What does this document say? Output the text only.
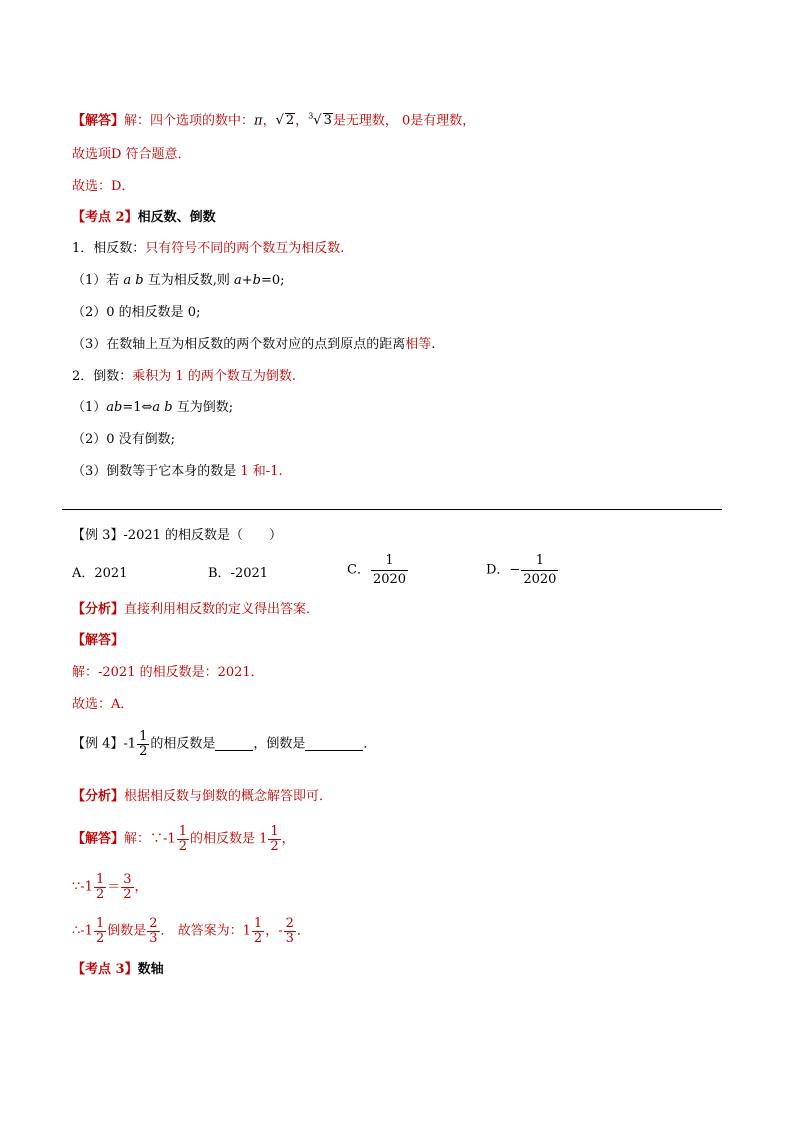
【解答】解：四个选项的数中：π，√ 2，$^3$√ 3是无理数， 0是有理数，
故选项D 符合题意．
故选：D．
【考点 2】相反数、倒数
1．相反数：只有符号不同的两个数互为相反数.
（1）若 a b 互为相反数,则 a+b=0;
（2）0 的相反数是 0;
（3）在数轴上互为相反数的两个数对应的点到原点的距离相等.
2．倒数：乘积为 1 的两个数互为倒数.
（1）ab=1⇔a b 互为倒数;
（2）0 没有倒数;
（3）倒数等于它本身的数是 1 和-1.
【例 3】-2021 的相反数是（　　）
A．2021	B．-2021	C． $\frac{1}{2020}$	D．− $\frac{1}{2020}$
【分析】直接利用相反数的定义得出答案．
【解答】
解：-2021 的相反数是：2021．
故选：A．
【例 4】$-1 \frac{1}{2}$ 的相反数是	，倒数是	．
【分析】根据相反数与倒数的概念解答即可．
【解答】解：∵-1 $\frac{1}{2}$ 的相反数是 $1 \frac{1}{2}$ ，
∵-1 $\frac{1}{2} = \frac{3}{2}$ ，
∴-1 $\frac{1}{2}$ 倒数是 $\frac{2}{3}$ ． 故答案为：$1 \frac{1}{2}$ ，- $\frac{2}{3}$ ．
【考点 3】数轴
